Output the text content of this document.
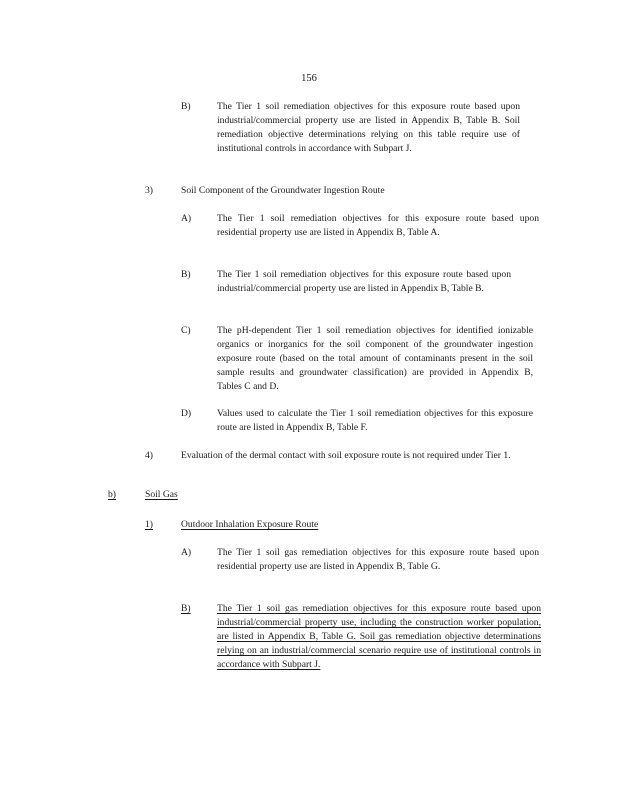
156
B)	The Tier 1 soil remediation objectives for this exposure route based upon industrial/commercial property use are listed in Appendix B, Table B. Soil remediation objective determinations relying on this table require use of institutional controls in accordance with Subpart J.
3)	Soil Component of the Groundwater Ingestion Route
A)	The Tier 1 soil remediation objectives for this exposure route based upon residential property use are listed in Appendix B, Table A.
B)	The Tier 1 soil remediation objectives for this exposure route based upon industrial/commercial property use are listed in Appendix B, Table B.
C)	The pH-dependent Tier 1 soil remediation objectives for identified ionizable organics or inorganics for the soil component of the groundwater ingestion exposure route (based on the total amount of contaminants present in the soil sample results and groundwater classification) are provided in Appendix B, Tables C and D.
D)	Values used to calculate the Tier 1 soil remediation objectives for this exposure route are listed in Appendix B, Table F.
4)	Evaluation of the dermal contact with soil exposure route is not required under Tier 1.
b)	Soil Gas
1)	Outdoor Inhalation Exposure Route
A)	The Tier 1 soil gas remediation objectives for this exposure route based upon residential property use are listed in Appendix B, Table G.
B)	The Tier 1 soil gas remediation objectives for this exposure route based upon industrial/commercial property use, including the construction worker population, are listed in Appendix B, Table G. Soil gas remediation objective determinations relying on an industrial/commercial scenario require use of institutional controls in accordance with Subpart J.
